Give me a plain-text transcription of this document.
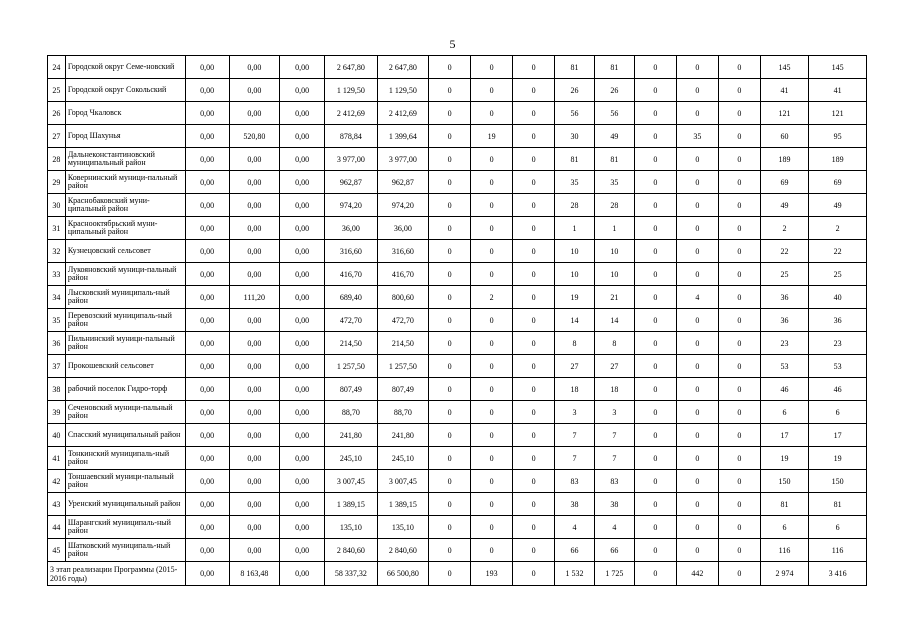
5
24	Городской округ Семе-новский	0,00	0,00	0,00	2 647,80	2 647,80	0	0	0	81	81	0	0	0	145	145
25	Городской округ Сокольский	0,00	0,00	0,00	1 129,50	1 129,50	0	0	0	26	26	0	0	0	41	41
26	Город Чкаловск	0,00	0,00	0,00	2 412,69	2 412,69	0	0	0	56	56	0	0	0	121	121
27	Город Шахунья	0,00	520,80	0,00	878,84	1 399,64	0	19	0	30	49	0	35	0	60	95
28	Дальнеконстантиновский муниципальный район	0,00	0,00	0,00	3 977,00	3 977,00	0	0	0	81	81	0	0	0	189	189
29	Ковернинский муници-пальный район	0,00	0,00	0,00	962,87	962,87	0	0	0	35	35	0	0	0	69	69
30	Краснобаковский муни-ципальный район	0,00	0,00	0,00	974,20	974,20	0	0	0	28	28	0	0	0	49	49
31	Краснооктябрьский муни-ципальный район	0,00	0,00	0,00	36,00	36,00	0	0	0	1	1	0	0	0	2	2
32	Кузнецовский сельсовет	0,00	0,00	0,00	316,60	316,60	0	0	0	10	10	0	0	0	22	22
33	Лукояновский муници-пальный район	0,00	0,00	0,00	416,70	416,70	0	0	0	10	10	0	0	0	25	25
34	Лысковский муниципаль-ный район	0,00	111,20	0,00	689,40	800,60	0	2	0	19	21	0	4	0	36	40
35	Перевозский муниципаль-ный район	0,00	0,00	0,00	472,70	472,70	0	0	0	14	14	0	0	0	36	36
36	Пильнинский муници-пальный район	0,00	0,00	0,00	214,50	214,50	0	0	0	8	8	0	0	0	23	23
37	Прокошевский сельсовет	0,00	0,00	0,00	1 257,50	1 257,50	0	0	0	27	27	0	0	0	53	53
38	рабочий поселок Гидро-торф	0,00	0,00	0,00	807,49	807,49	0	0	0	18	18	0	0	0	46	46
39	Сеченовский муници-пальный район	0,00	0,00	0,00	88,70	88,70	0	0	0	3	3	0	0	0	6	6
40	Спасский муниципальный район	0,00	0,00	0,00	241,80	241,80	0	0	0	7	7	0	0	0	17	17
41	Тонкинский муниципаль-ный район	0,00	0,00	0,00	245,10	245,10	0	0	0	7	7	0	0	0	19	19
42	Тоншаевский муници-пальный район	0,00	0,00	0,00	3 007,45	3 007,45	0	0	0	83	83	0	0	0	150	150
43	Уренский муниципальный район	0,00	0,00	0,00	1 389,15	1 389,15	0	0	0	38	38	0	0	0	81	81
44	Шарангский муниципаль-ный район	0,00	0,00	0,00	135,10	135,10	0	0	0	4	4	0	0	0	6	6
45	Шатковский муниципаль-ный район	0,00	0,00	0,00	2 840,60	2 840,60	0	0	0	66	66	0	0	0	116	116
3 этап реализации Программы (2015-2016 годы)		0,00	8 163,48	0,00	58 337,32	66 500,80	0	193	0	1 532	1 725	0	442	0	2 974	3 416
